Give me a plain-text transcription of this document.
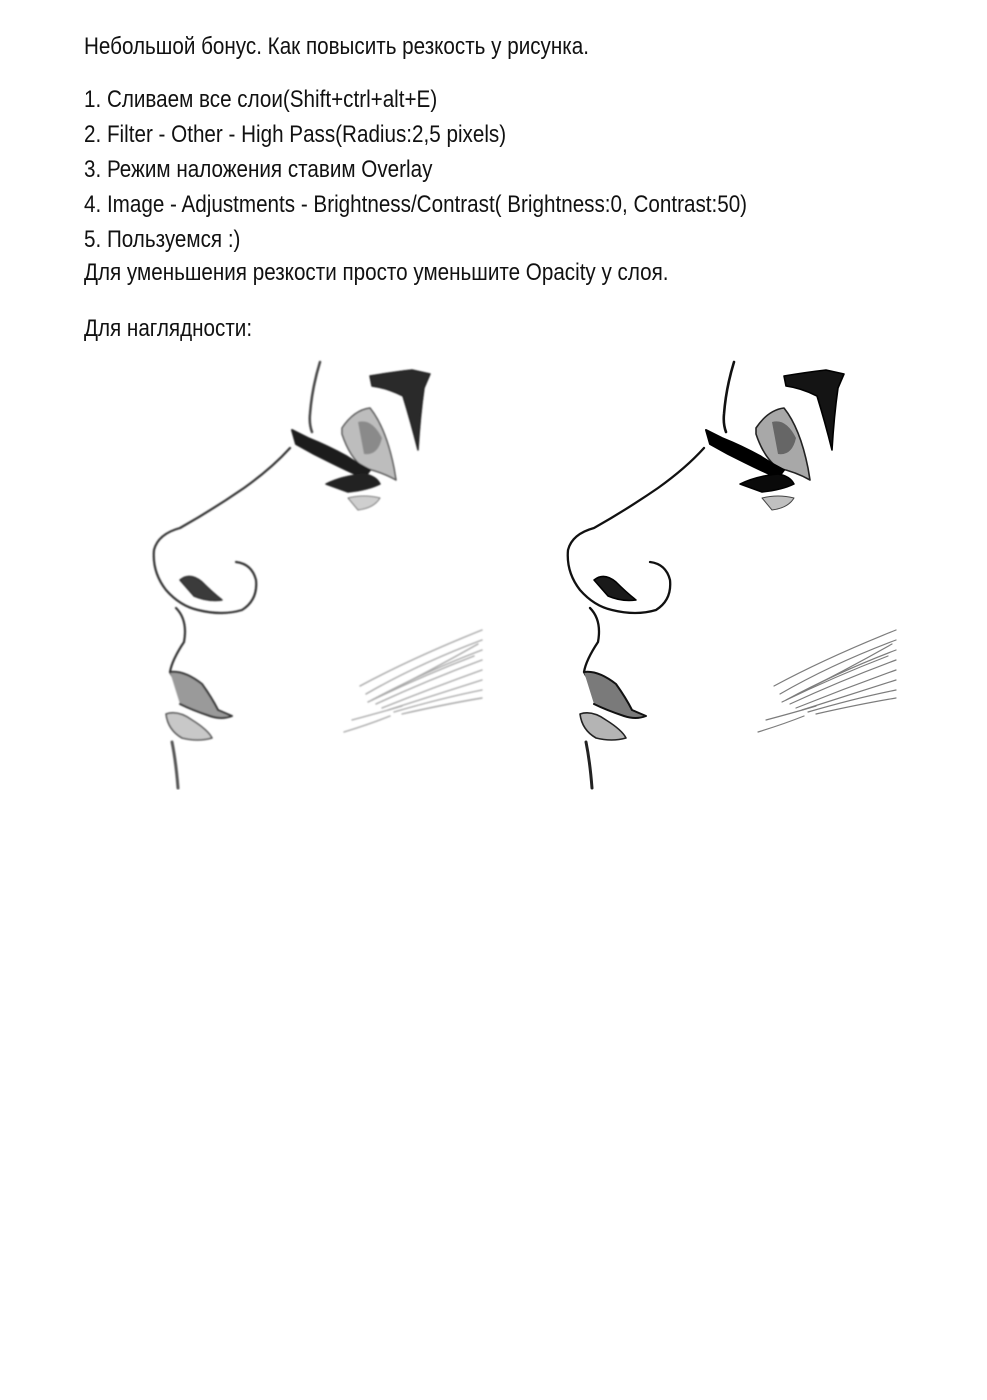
Небольшой бонус. Как повысить резкость у рисунка.
1. Сливаем все слои(Shift+ctrl+alt+E)
2. Filter - Other - High Pass(Radius:2,5 pixels)
3. Режим наложения ставим Overlay
4. Image - Adjustments - Brightness/Contrast( Brightness:0, Contrast:50)
5. Пользуемся :)
Для уменьшения резкости просто уменьшите Opacity у слоя.
Для наглядности:
